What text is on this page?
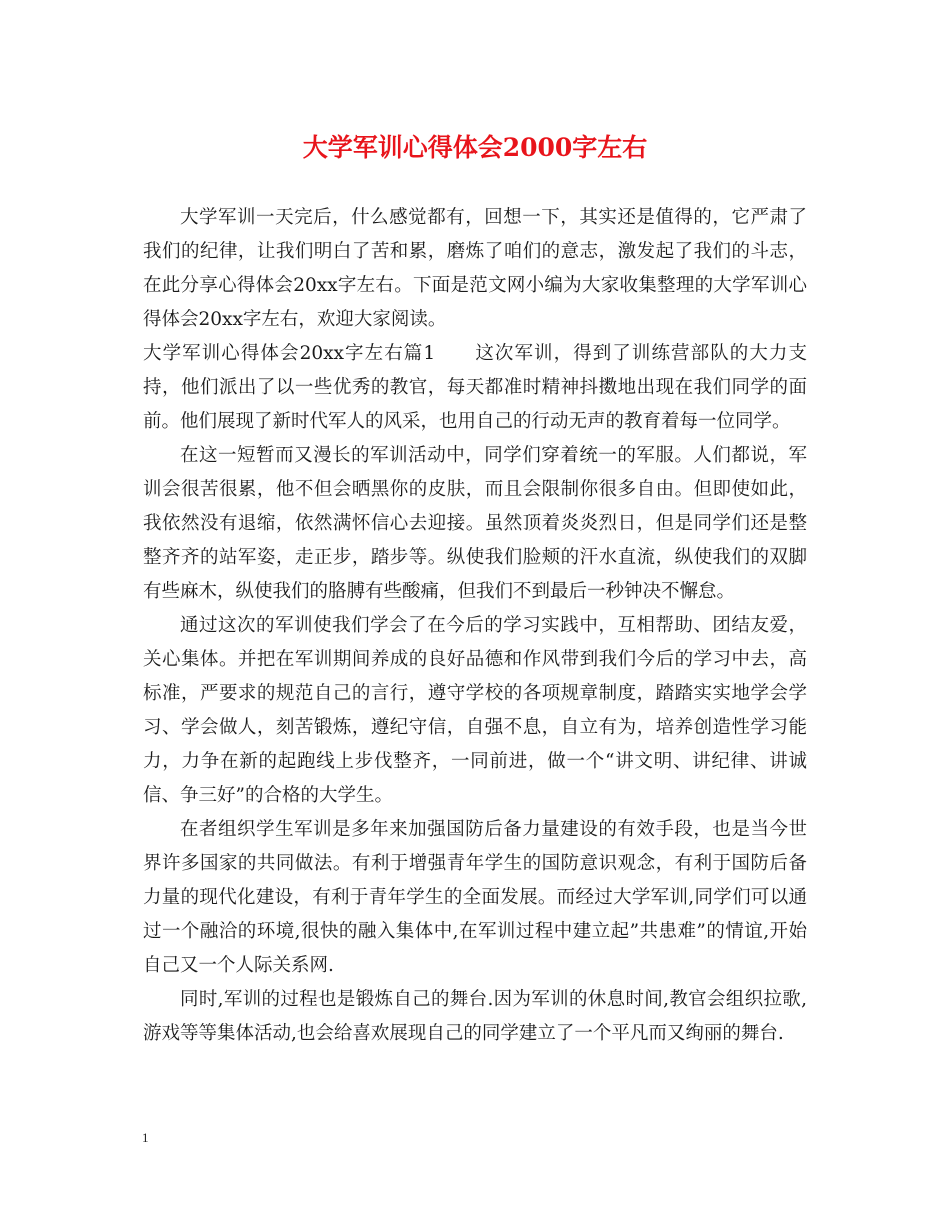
大学军训心得体会2000字左右

大学军训一天完后，什么感觉都有，回想一下，其实还是值得的，它严肃了我们的纪律，让我们明白了苦和累，磨炼了咱们的意志，激发起了我们的斗志，在此分享心得体会20xx字左右。下面是范文网小编为大家收集整理的大学军训心得体会20xx字左右，欢迎大家阅读。

大学军训心得体会20xx字左右篇1　　这次军训，得到了训练营部队的大力支持，他们派出了以一些优秀的教官，每天都准时精神抖擞地出现在我们同学的面前。他们展现了新时代军人的风采，也用自己的行动无声的教育着每一位同学。

在这一短暂而又漫长的军训活动中，同学们穿着统一的军服。人们都说，军训会很苦很累，他不但会晒黑你的皮肤，而且会限制你很多自由。但即使如此，我依然没有退缩，依然满怀信心去迎接。虽然顶着炎炎烈日，但是同学们还是整整齐齐的站军姿，走正步，踏步等。纵使我们脸颊的汗水直流，纵使我们的双脚有些麻木，纵使我们的胳膊有些酸痛，但我们不到最后一秒钟决不懈怠。

通过这次的军训使我们学会了在今后的学习实践中，互相帮助、团结友爱，关心集体。并把在军训期间养成的良好品德和作风带到我们今后的学习中去，高标准，严要求的规范自己的言行，遵守学校的各项规章制度，踏踏实实地学会学习、学会做人，刻苦锻炼，遵纪守信，自强不息，自立有为，培养创造性学习能力，力争在新的起跑线上步伐整齐，一同前进，做一个“讲文明、讲纪律、讲诚信、争三好”的合格的大学生。

在者组织学生军训是多年来加强国防后备力量建设的有效手段，也是当今世界许多国家的共同做法。有利于增强青年学生的国防意识观念，有利于国防后备力量的现代化建设，有利于青年学生的全面发展。而经过大学军训,同学们可以通过一个融洽的环境,很快的融入集体中,在军训过程中建立起”共患难”的情谊,开始自己又一个人际关系网.

同时,军训的过程也是锻炼自己的舞台.因为军训的休息时间,教官会组织拉歌,游戏等等集体活动,也会给喜欢展现自己的同学建立了一个平凡而又绚丽的舞台.

1
